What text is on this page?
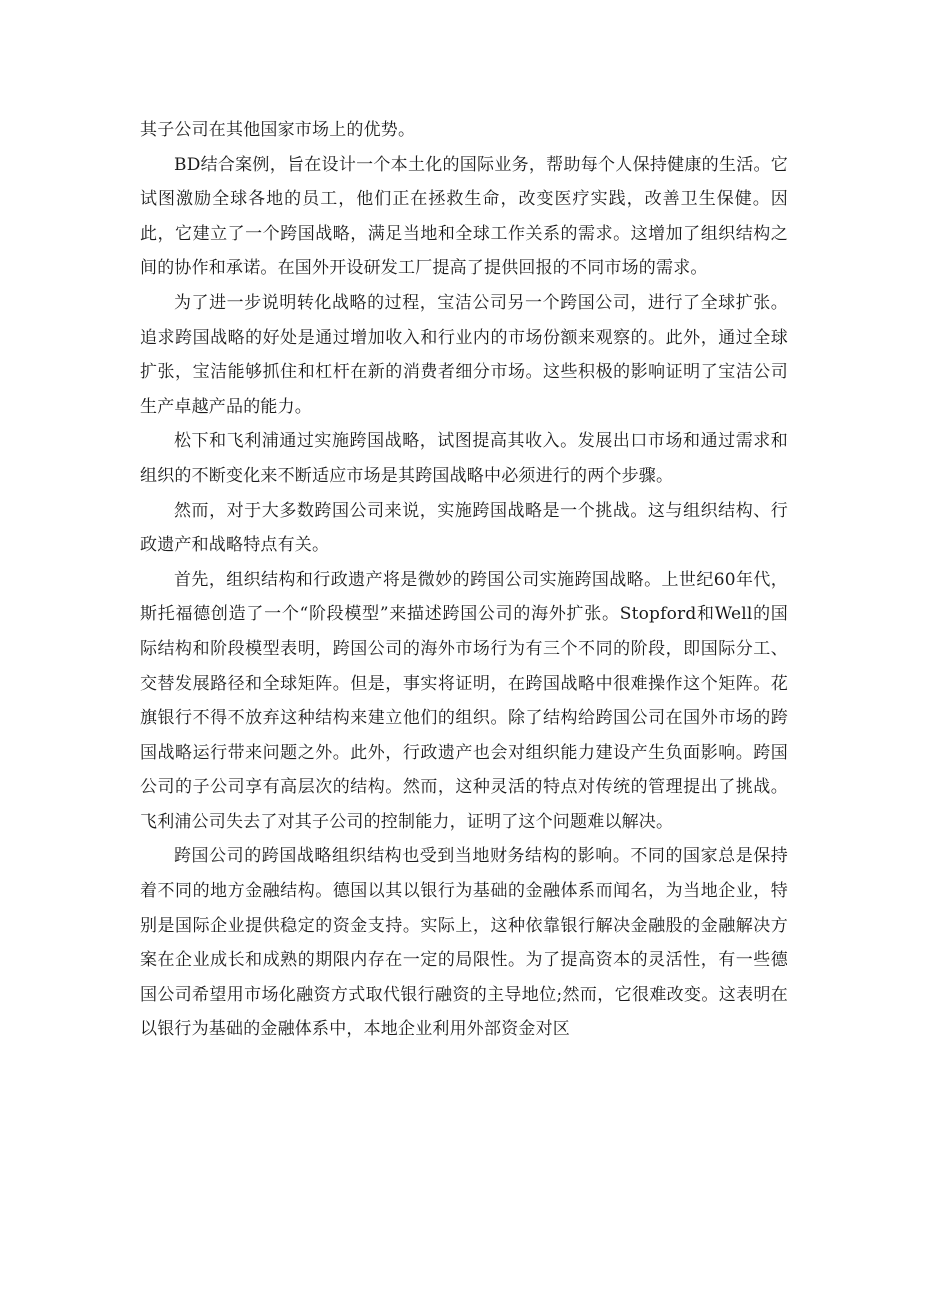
其子公司在其他国家市场上的优势。

BD结合案例，旨在设计一个本土化的国际业务，帮助每个人保持健康的生活。它试图激励全球各地的员工，他们正在拯救生命，改变医疗实践，改善卫生保健。因此，它建立了一个跨国战略，满足当地和全球工作关系的需求。这增加了组织结构之间的协作和承诺。在国外开设研发工厂提高了提供回报的不同市场的需求。

为了进一步说明转化战略的过程，宝洁公司另一个跨国公司，进行了全球扩张。追求跨国战略的好处是通过增加收入和行业内的市场份额来观察的。此外，通过全球扩张，宝洁能够抓住和杠杆在新的消费者细分市场。这些积极的影响证明了宝洁公司生产卓越产品的能力。

松下和飞利浦通过实施跨国战略，试图提高其收入。发展出口市场和通过需求和组织的不断变化来不断适应市场是其跨国战略中必须进行的两个步骤。

然而，对于大多数跨国公司来说，实施跨国战略是一个挑战。这与组织结构、行政遗产和战略特点有关。

首先，组织结构和行政遗产将是微妙的跨国公司实施跨国战略。上世纪60年代，斯托福德创造了一个“阶段模型”来描述跨国公司的海外扩张。Stopford和Well的国际结构和阶段模型表明，跨国公司的海外市场行为有三个不同的阶段，即国际分工、交替发展路径和全球矩阵。但是，事实将证明，在跨国战略中很难操作这个矩阵。花旗银行不得不放弃这种结构来建立他们的组织。除了结构给跨国公司在国外市场的跨国战略运行带来问题之外。此外，行政遗产也会对组织能力建设产生负面影响。跨国公司的子公司享有高层次的结构。然而，这种灵活的特点对传统的管理提出了挑战。飞利浦公司失去了对其子公司的控制能力，证明了这个问题难以解决。

跨国公司的跨国战略组织结构也受到当地财务结构的影响。不同的国家总是保持着不同的地方金融结构。德国以其以银行为基础的金融体系而闻名，为当地企业，特别是国际企业提供稳定的资金支持。实际上，这种依靠银行解决金融股的金融解决方案在企业成长和成熟的期限内存在一定的局限性。为了提高资本的灵活性，有一些德国公司希望用市场化融资方式取代银行融资的主导地位;然而，它很难改变。这表明在以银行为基础的金融体系中，本地企业利用外部资金对区
